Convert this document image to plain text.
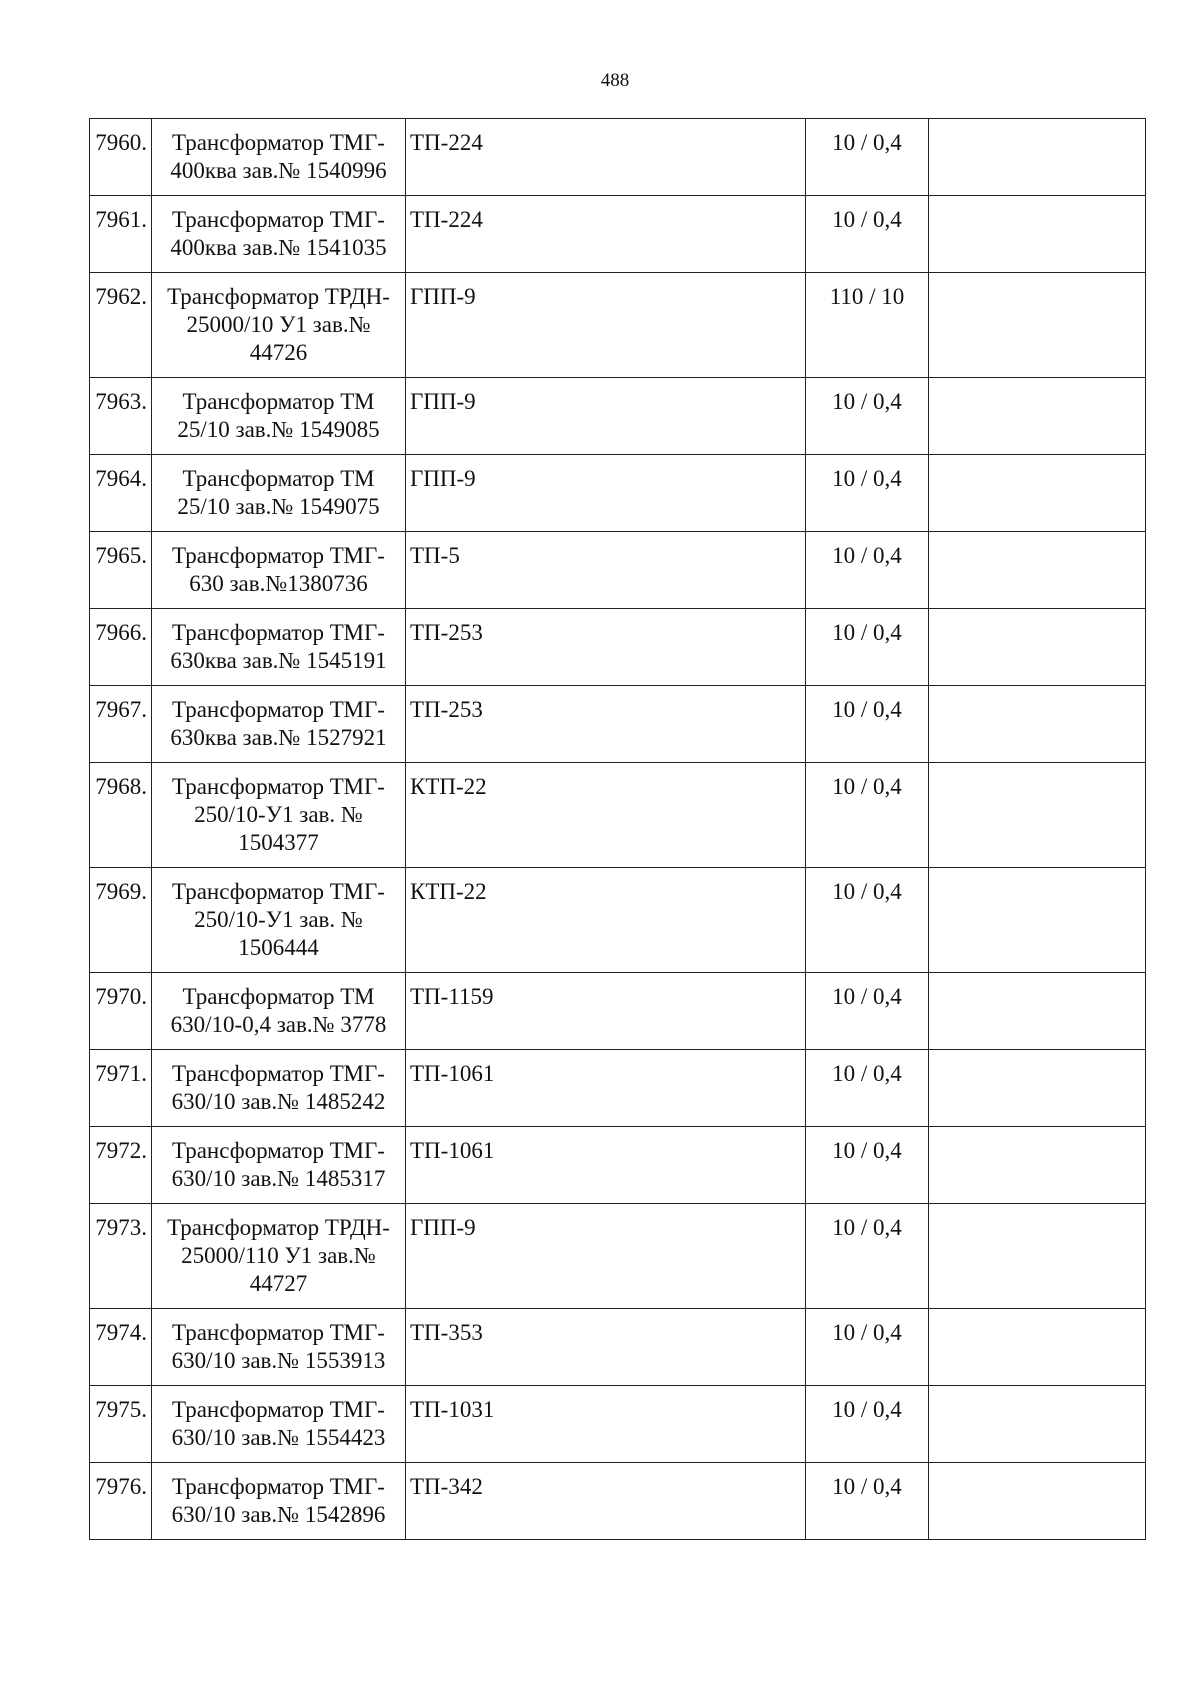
488
7960.	Трансформатор ТМГ-
400ква зав.№ 1540996	ТП-224	10 / 0,4	
7961.	Трансформатор ТМГ-
400ква зав.№ 1541035	ТП-224	10 / 0,4	
7962.	Трансформатор ТРДН-
25000/10 У1 зав.№
44726	ГПП-9	110 / 10	
7963.	Трансформатор ТМ
25/10 зав.№ 1549085	ГПП-9	10 / 0,4	
7964.	Трансформатор ТМ
25/10 зав.№ 1549075	ГПП-9	10 / 0,4	
7965.	Трансформатор ТМГ-
630 зав.№1380736	ТП-5	10 / 0,4	
7966.	Трансформатор ТМГ-
630ква зав.№ 1545191	ТП-253	10 / 0,4	
7967.	Трансформатор ТМГ-
630ква зав.№ 1527921	ТП-253	10 / 0,4	
7968.	Трансформатор ТМГ-
250/10-У1 зав. №
1504377	КТП-22	10 / 0,4	
7969.	Трансформатор ТМГ-
250/10-У1 зав. №
1506444	КТП-22	10 / 0,4	
7970.	Трансформатор ТМ
630/10-0,4 зав.№ 3778	ТП-1159	10 / 0,4	
7971.	Трансформатор ТМГ-
630/10 зав.№ 1485242	ТП-1061	10 / 0,4	
7972.	Трансформатор ТМГ-
630/10 зав.№ 1485317	ТП-1061	10 / 0,4	
7973.	Трансформатор ТРДН-
25000/110 У1 зав.№
44727	ГПП-9	10 / 0,4	
7974.	Трансформатор ТМГ-
630/10 зав.№ 1553913	ТП-353	10 / 0,4	
7975.	Трансформатор ТМГ-
630/10 зав.№ 1554423	ТП-1031	10 / 0,4	
7976.	Трансформатор ТМГ-
630/10 зав.№ 1542896	ТП-342	10 / 0,4	
